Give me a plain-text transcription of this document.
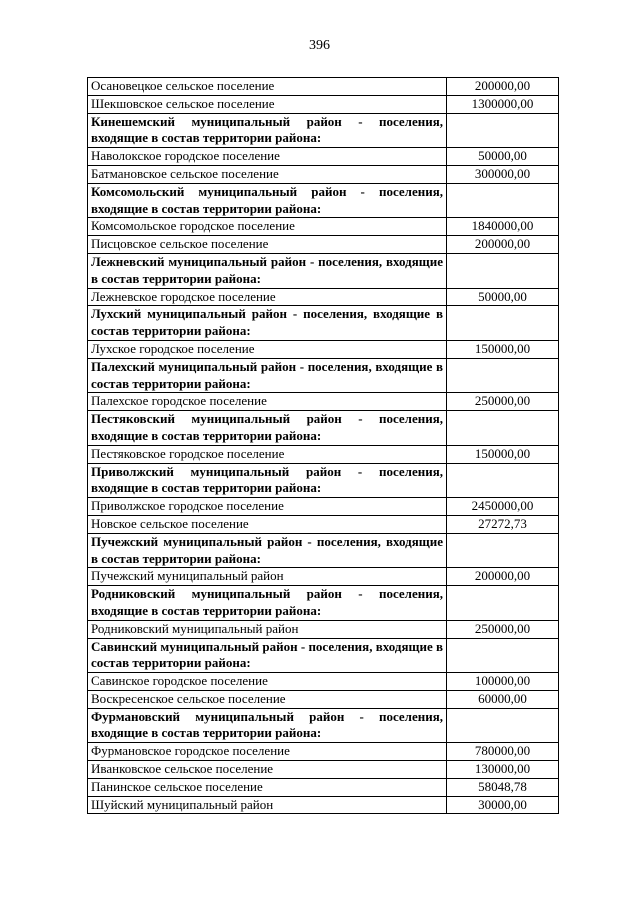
396
Осановецкое сельское поселение	200000,00
Шекшовское сельское поселение	1300000,00
Кинешемский муниципальный район - поселения, входящие в состав территории района:	
Наволокское городское поселение	50000,00
Батмановское сельское поселение	300000,00
Комсомольский муниципальный район - поселения, входящие в состав территории района:	
Комсомольское городское поселение	1840000,00
Писцовское сельское поселение	200000,00
Лежневский муниципальный район - поселения, входящие в состав территории района:	
Лежневское городское поселение	50000,00
Лухский муниципальный район - поселения, входящие в состав территории района:	
Лухское городское поселение	150000,00
Палехский муниципальный район - поселения, входящие в состав территории района:	
Палехское городское поселение	250000,00
Пестяковский муниципальный район - поселения, входящие в состав территории района:	
Пестяковское городское поселение	150000,00
Приволжский муниципальный район - поселения, входящие в состав территории района:	
Приволжское городское поселение	2450000,00
Новское сельское поселение	27272,73
Пучежский муниципальный район - поселения, входящие в состав территории района:	
Пучежский муниципальный район	200000,00
Родниковский муниципальный район - поселения, входящие в состав территории района:	
Родниковский муниципальный район	250000,00
Савинский муниципальный район - поселения, входящие в состав территории района:	
Савинское городское поселение	100000,00
Воскресенское сельское поселение	60000,00
Фурмановский муниципальный район - поселения, входящие в состав территории района:	
Фурмановское городское поселение	780000,00
Иванковское сельское поселение	130000,00
Панинское сельское поселение	58048,78
Шуйский муниципальный район	30000,00
